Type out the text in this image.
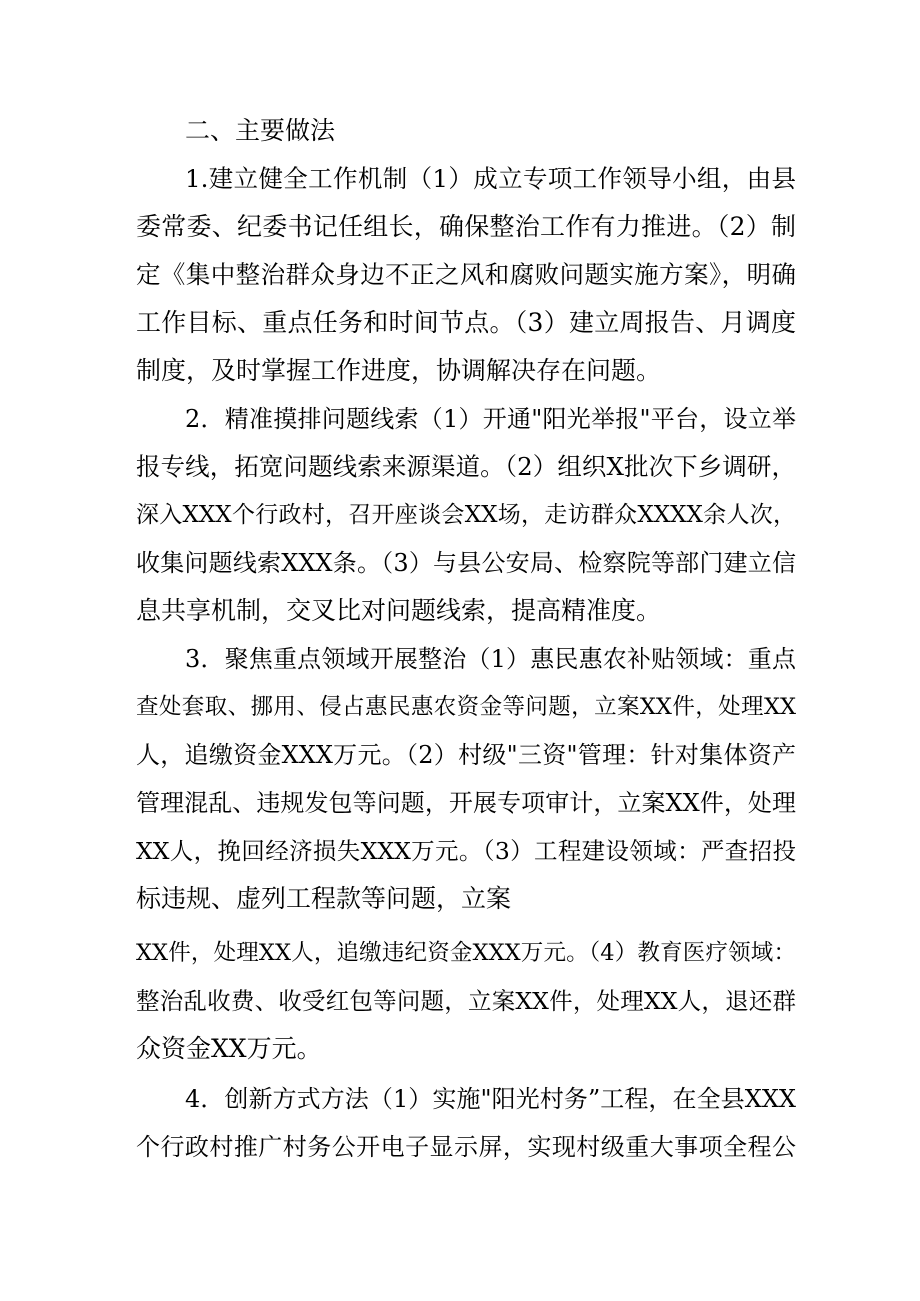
二、主要做法
1.建立健全工作机制（1）成立专项工作领导小组，由县
委常委、纪委书记任组长，确保整治工作有力推进。（2）制
定《集中整治群众身边不正之风和腐败问题实施方案》，明确
工作目标、重点任务和时间节点。（3）建立周报告、月调度
制度，及时掌握工作进度，协调解决存在问题。
2．精准摸排问题线索（1）开通"阳光举报"平台，设立举
报专线，拓宽问题线索来源渠道。（2）组织X批次下乡调研，
深入XXX个行政村，召开座谈会XX场，走访群众XXXX余人次，
收集问题线索XXX条。（3）与县公安局、检察院等部门建立信
息共享机制，交叉比对问题线索，提高精准度。
3．聚焦重点领域开展整治（1）惠民惠农补贴领域：重点
查处套取、挪用、侵占惠民惠农资金等问题，立案XX件，处理XX
人，追缴资金XXX万元。（2）村级"三资"管理：针对集体资产
管理混乱、违规发包等问题，开展专项审计，立案XX件，处理
XX人，挽回经济损失XXX万元。（3）工程建设领域：严查招投
标违规、虚列工程款等问题，立案
XX件，处理XX人，追缴违纪资金XXX万元。（4）教育医疗领域：
整治乱收费、收受红包等问题，立案XX件，处理XX人，退还群
众资金XX万元。
4．创新方式方法（1）实施"阳光村务”工程，在全县XXX
个行政村推广村务公开电子显示屏，实现村级重大事项全程公
